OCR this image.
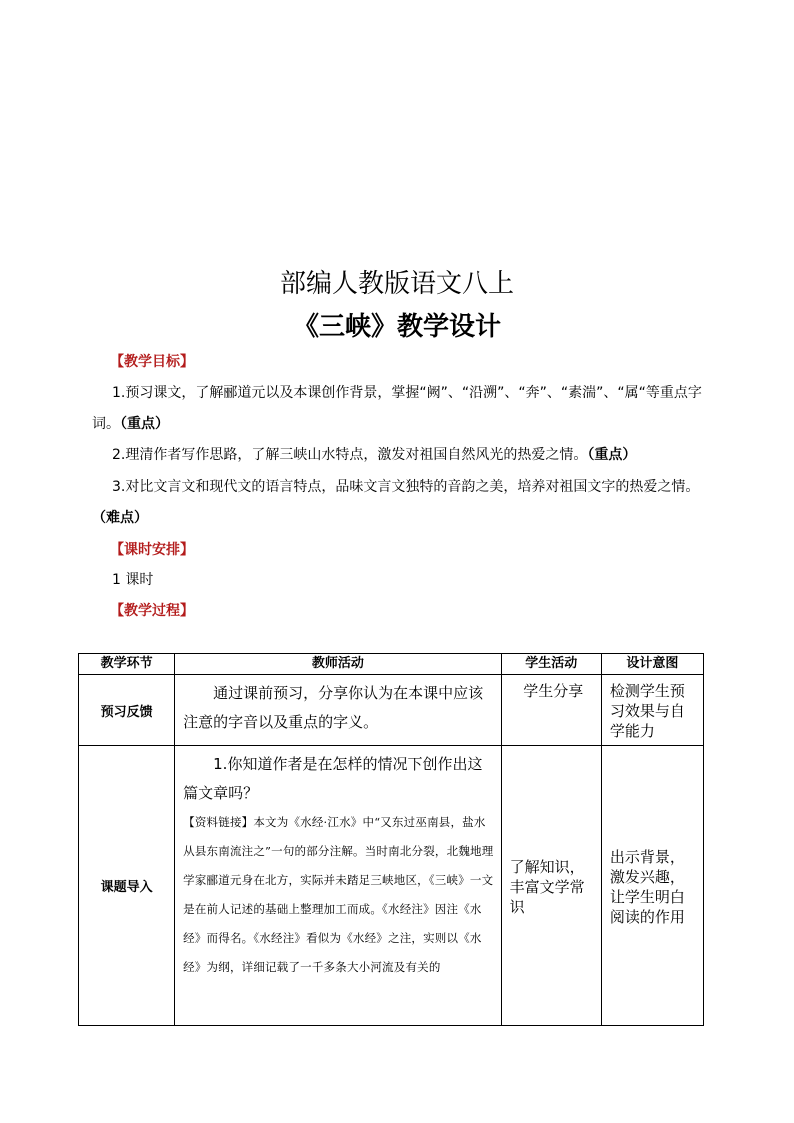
部编人教版语文八上
《三峡》教学设计
【教学目标】
1.预习课文，了解郦道元以及本课创作背景，掌握“阙”、“沿溯”、“奔”、“素湍”、“属“等重点字词。（重点）
2.理清作者写作思路，了解三峡山水特点，激发对祖国自然风光的热爱之情。（重点）
3.对比文言文和现代文的语言特点，品味文言文独特的音韵之美，培养对祖国文字的热爱之情。（难点）
【课时安排】
1 课时
【教学过程】
教学环节	教师活动	学生活动	设计意图
预习反馈	通过课前预习，分享你认为在本课中应该注意的字音以及重点的字义。	学生分享	检测学生预习效果与自学能力
课题导入	1.你知道作者是在怎样的情况下创作出这篇文章吗？

【资料链接】本文为《水经·江水》中“又东过巫南县，盐水从县东南流注之”一句的部分注解。当时南北分裂，北魏地理学家郦道元身在北方，实际并未踏足三峡地区，《三峡》一文是在前人记述的基础上整理加工而成。《水经注》因注《水经》而得名。《水经注》看似为《水经》之注，实则以《水经》为纲，详细记载了一千多条大小河流及有关的	了解知识，丰富文学常识	出示背景，激发兴趣，让学生明白阅读的作用
